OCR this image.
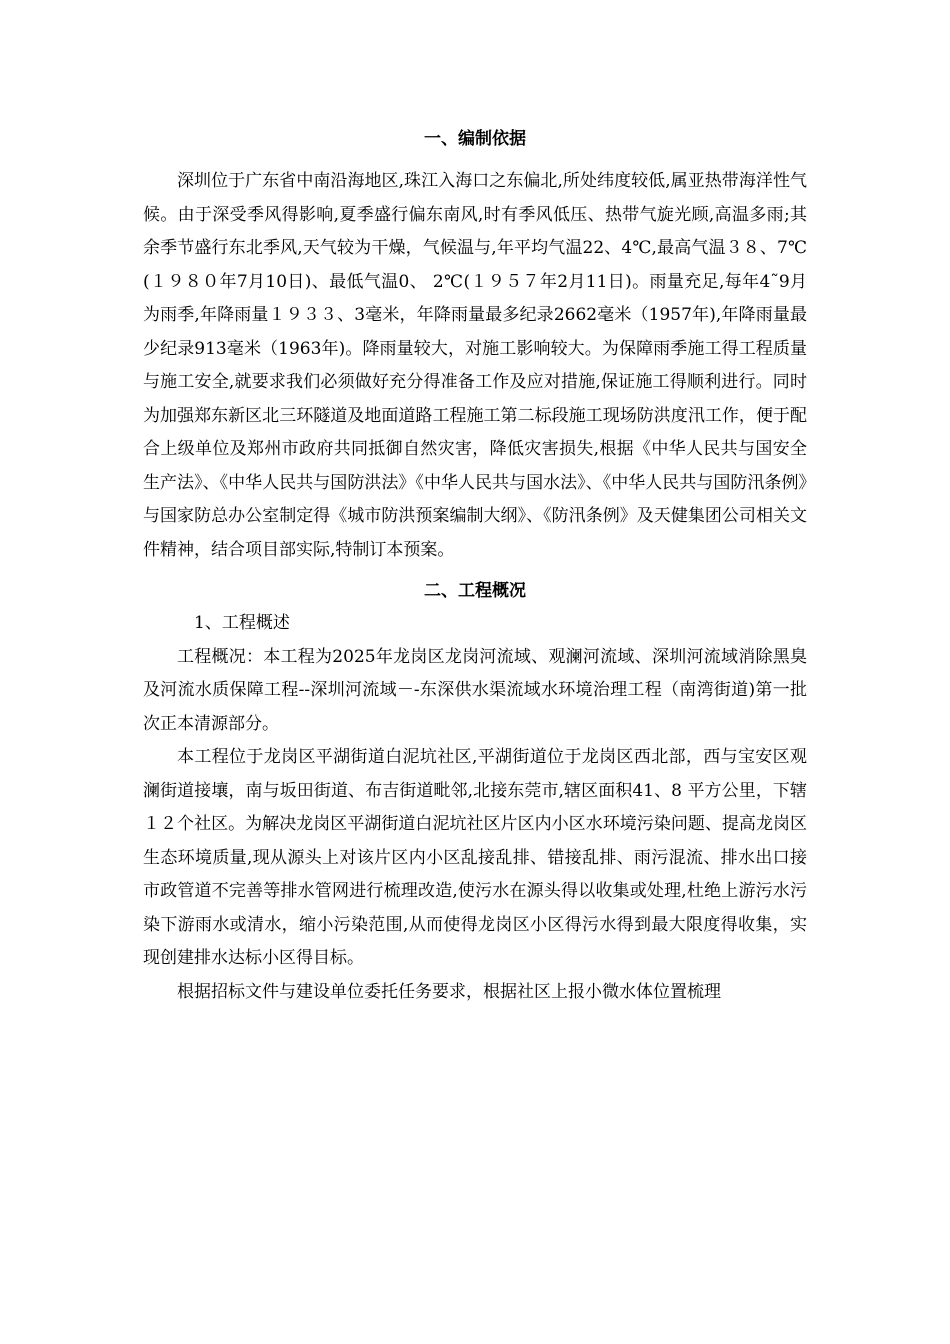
一、编制依据

深圳位于广东省中南沿海地区,珠江入海口之东偏北,所处纬度较低,属亚热带海洋性气候。由于深受季风得影响,夏季盛行偏东南风,时有季风低压、热带气旋光顾,高温多雨;其余季节盛行东北季风,天气较为干燥，气候温与,年平均气温22、4℃,最高气温３８、7℃(１９８０年7月10日)、最低气温0、 2℃(１９５７年2月11日)。雨量充足,每年4˜9月为雨季,年降雨量１９３３、3毫米，年降雨量最多纪录2662毫米（1957年),年降雨量最少纪录913毫米（1963年)。降雨量较大，对施工影响较大。为保障雨季施工得工程质量与施工安全,就要求我们必须做好充分得准备工作及应对措施,保证施工得顺利进行。同时为加强郑东新区北三环隧道及地面道路工程施工第二标段施工现场防洪度汛工作，便于配合上级单位及郑州市政府共同抵御自然灾害，降低灾害损失,根据《中华人民共与国安全生产法》、《中华人民共与国防洪法》《中华人民共与国水法》、《中华人民共与国防汛条例》与国家防总办公室制定得《城市防洪预案编制大纲》、《防汛条例》及天健集团公司相关文件精神，结合项目部实际,特制订本预案。

二、工程概况

1、工程概述

工程概况：本工程为2025年龙岗区龙岗河流域、观澜河流域、深圳河流域消除黑臭及河流水质保障工程--深圳河流域－-东深供水渠流域水环境治理工程（南湾街道)第一批次正本清源部分。

本工程位于龙岗区平湖街道白泥坑社区,平湖街道位于龙岗区西北部，西与宝安区观澜街道接壤，南与坂田街道、布吉街道毗邻,北接东莞市,辖区面积41、8 平方公里，下辖１２个社区。为解决龙岗区平湖街道白泥坑社区片区内小区水环境污染问题、提高龙岗区生态环境质量,现从源头上对该片区内小区乱接乱排、错接乱排、雨污混流、排水出口接市政管道不完善等排水管网进行梳理改造,使污水在源头得以收集或处理,杜绝上游污水污染下游雨水或清水，缩小污染范围,从而使得龙岗区小区得污水得到最大限度得收集，实现创建排水达标小区得目标。

根据招标文件与建设单位委托任务要求，根据社区上报小微水体位置梳理
